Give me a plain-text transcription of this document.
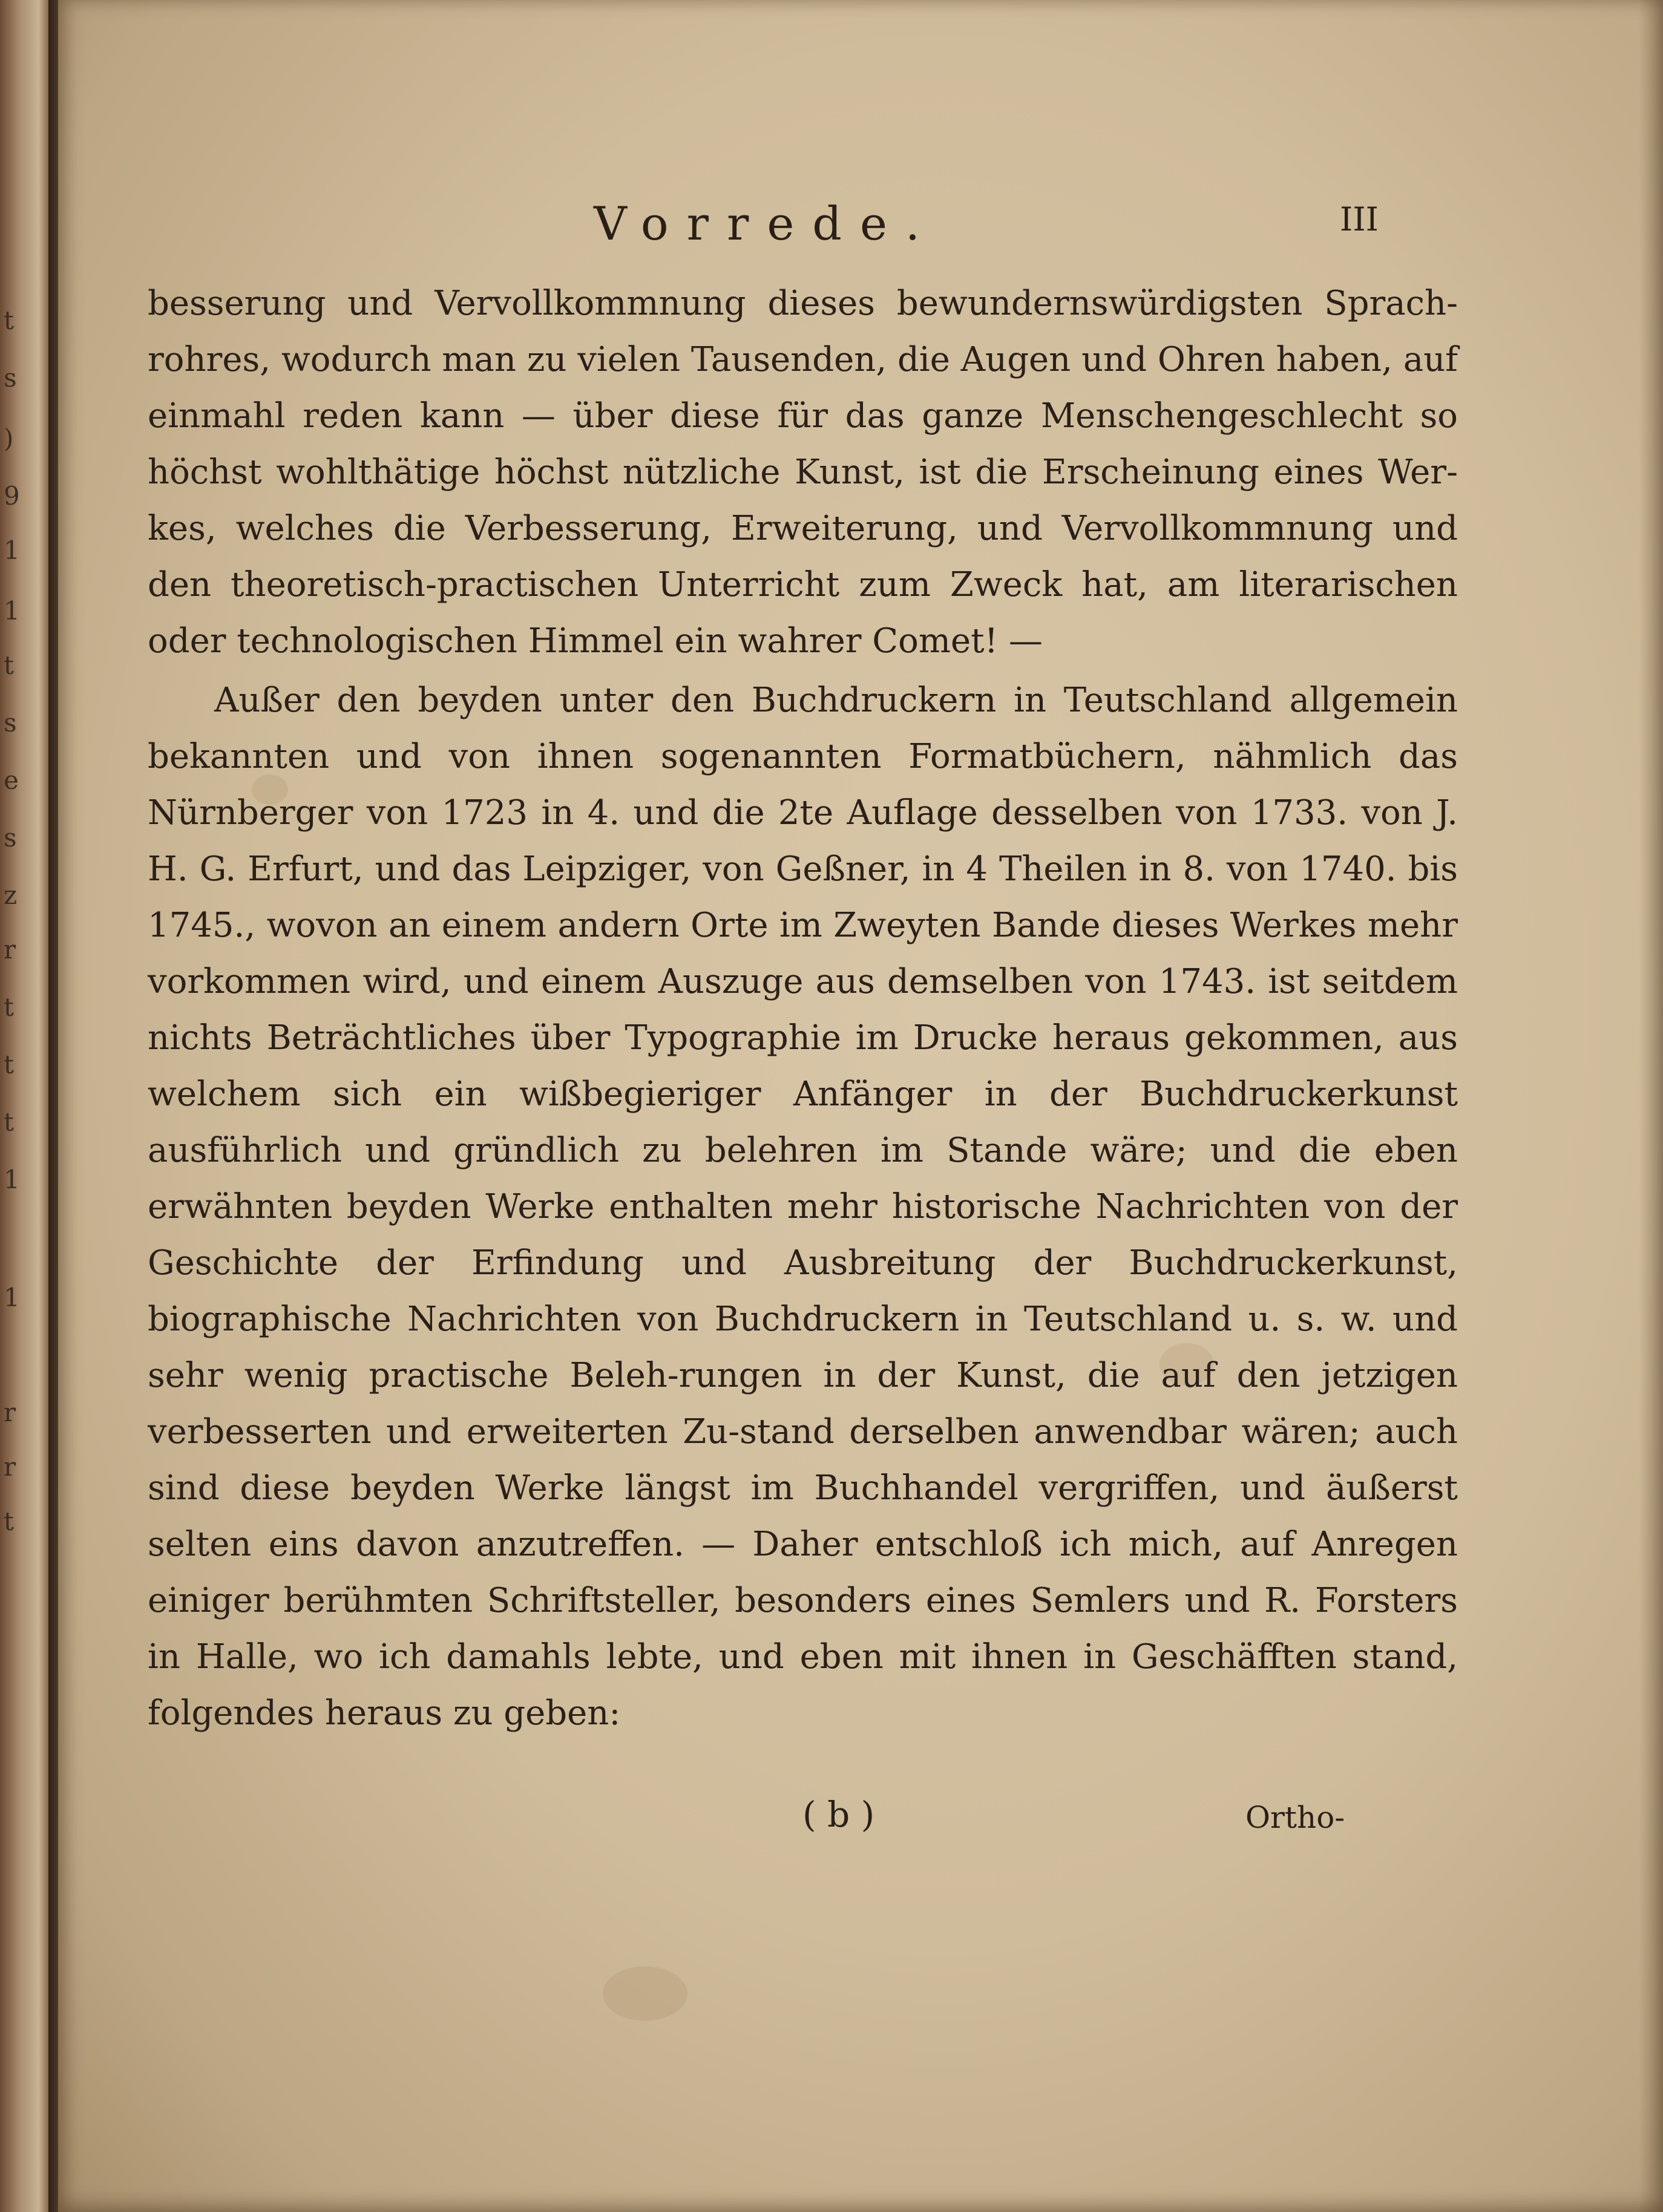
t
s
)
9
1
1
t
s
e
s
z
r
t
t
t
1
1
r
r
t
Vorrede.	III

besserung und Vervollkommnung dieses bewundernswürdigsten Sprach-rohres, wodurch man zu vielen Tausenden, die Augen und Ohren haben, auf einmahl reden kann — über diese für das ganze Menschengeschlecht so höchst wohlthätige höchst nützliche Kunst, ist die Erscheinung eines Wer-kes, welches die Verbesserung, Erweiterung, und Vervollkommnung und den theoretisch-practischen Unterricht zum Zweck hat, am literarischen oder technologischen Himmel ein wahrer Comet! —

Außer den beyden unter den Buchdruckern in Teutschland allgemein bekannten und von ihnen sogenannten Formatbüchern, nähmlich das Nürnberger von 1723 in 4. und die 2te Auflage desselben von 1733. von J. H. G. Erfurt, und das Leipziger, von Geßner, in 4 Theilen in 8. von 1740. bis 1745., wovon an einem andern Orte im Zweyten Bande dieses Werkes mehr vorkommen wird, und einem Auszuge aus demselben von 1743. ist seitdem nichts Beträchtliches über Typographie im Drucke heraus gekommen, aus welchem sich ein wißbegieriger Anfänger in der Buchdruckerkunst ausführlich und gründlich zu belehren im Stande wäre; und die eben erwähnten beyden Werke enthalten mehr historische Nachrichten von der Geschichte der Erfindung und Ausbreitung der Buchdruckerkunst, biographische Nachrichten von Buchdruckern in Teutschland u. s. w. und sehr wenig practische Beleh-rungen in der Kunst, die auf den jetzigen verbesserten und erweiterten Zu-stand derselben anwendbar wären; auch sind diese beyden Werke längst im Buchhandel vergriffen, und äußerst selten eins davon anzutreffen. — Daher entschloß ich mich, auf Anregen einiger berühmten Schriftsteller, besonders eines Semlers und R. Forsters in Halle, wo ich damahls lebte, und eben mit ihnen in Geschäfften stand, folgendes heraus zu geben:

( b )	Ortho-
